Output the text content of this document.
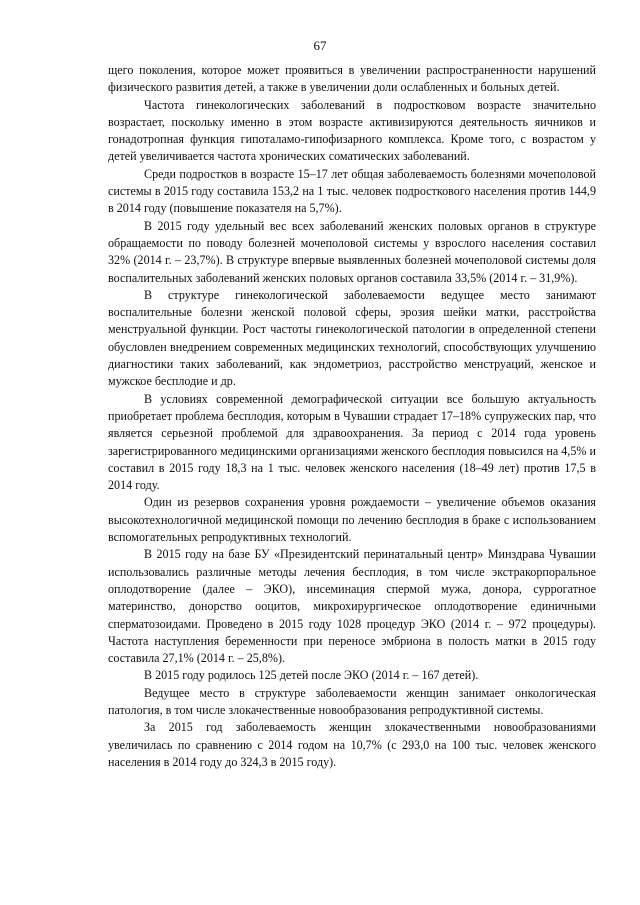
67

щего поколения, которое может проявиться в увеличении распространенности нарушений физического развития детей, а также в увеличении доли ослабленных и больных детей.

Частота гинекологических заболеваний в подростковом возрасте значительно возрастает, поскольку именно в этом возрасте активизируются деятельность яичников и гонадотропная функция гипоталамо-гипофизарного комплекса. Кроме того, с возрастом у детей увеличивается частота хронических соматических заболеваний.

Среди подростков в возрасте 15–17 лет общая заболеваемость болезнями мочеполовой системы в 2015 году составила 153,2 на 1 тыс. человек подросткового населения против 144,9 в 2014 году (повышение показателя на 5,7%).

В 2015 году удельный вес всех заболеваний женских половых органов в структуре обращаемости по поводу болезней мочеполовой системы у взрослого населения составил 32% (2014 г. – 23,7%). В структуре впервые выявленных болезней мочеполовой системы доля воспалительных заболеваний женских половых органов составила 33,5% (2014 г. – 31,9%).

В структуре гинекологической заболеваемости ведущее место занимают воспалительные болезни женской половой сферы, эрозия шейки матки, расстройства менструальной функции. Рост частоты гинекологической патологии в определенной степени обусловлен внедрением современных медицинских технологий, способствующих улучшению диагностики таких заболеваний, как эндометриоз, расстройство менструаций, женское и мужское бесплодие и др.

В условиях современной демографической ситуации все большую актуальность приобретает проблема бесплодия, которым в Чувашии страдает 17–18% супружеских пар, что является серьезной проблемой для здравоохранения. За период с 2014 года уровень зарегистрированного медицинскими организациями женского бесплодия повысился на 4,5% и составил в 2015 году 18,3 на 1 тыс. человек женского населения (18–49 лет) против 17,5 в 2014 году.

Один из резервов сохранения уровня рождаемости – увеличение объемов оказания высокотехнологичной медицинской помощи по лечению бесплодия в браке с использованием вспомогательных репродуктивных технологий.

В 2015 году на базе БУ «Президентский перинатальный центр» Минздрава Чувашии использовались различные методы лечения бесплодия, в том числе экстракорпоральное оплодотворение (далее – ЭКО), инсеминация спермой мужа, донора, суррогатное материнство, донорство ооцитов, микрохирургическое оплодотворение единичными сперматозоидами. Проведено в 2015 году 1028 процедур ЭКО (2014 г. – 972 процедуры). Частота наступления беременности при переносе эмбриона в полость матки в 2015 году составила 27,1% (2014 г. – 25,8%).

В 2015 году родилось 125 детей после ЭКО (2014 г. – 167 детей).

Ведущее место в структуре заболеваемости женщин занимает онкологическая патология, в том числе злокачественные новообразования репродуктивной системы.

За 2015 год заболеваемость женщин злокачественными новообразованиями увеличилась по сравнению с 2014 годом на 10,7% (с 293,0 на 100 тыс. человек женского населения в 2014 году до 324,3 в 2015 году).
